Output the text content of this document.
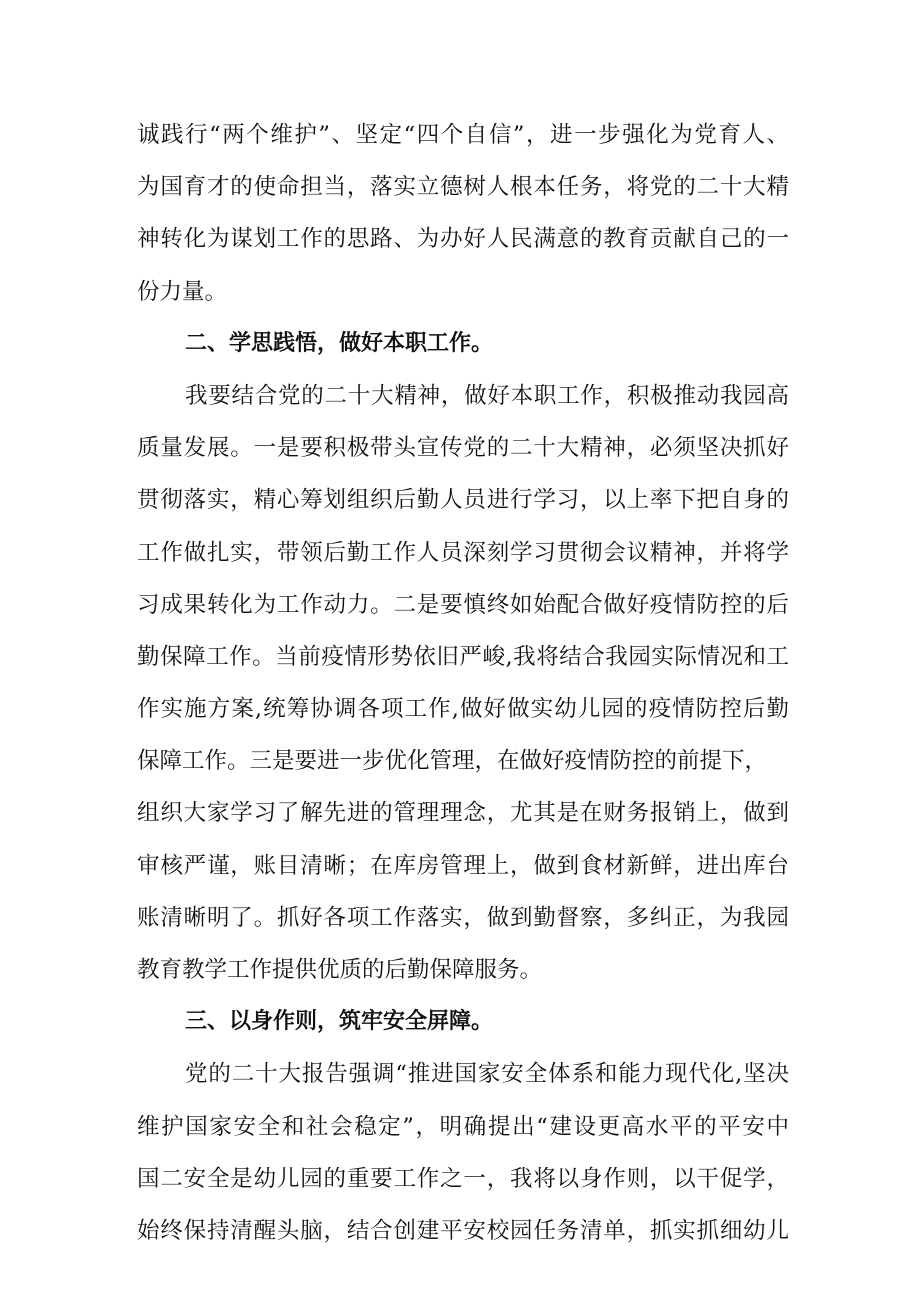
诚践行“两个维护”、坚定“四个自信”，进一步强化为党育人、
为国育才的使命担当，落实立德树人根本任务，将党的二十大精
神转化为谋划工作的思路、为办好人民满意的教育贡献自己的一
份力量。
二、学思践悟，做好本职工作。
我要结合党的二十大精神，做好本职工作，积极推动我园高
质量发展。一是要积极带头宣传党的二十大精神，必须坚决抓好
贯彻落实，精心筹划组织后勤人员进行学习，以上率下把自身的
工作做扎实，带领后勤工作人员深刻学习贯彻会议精神，并将学
习成果转化为工作动力。二是要慎终如始配合做好疫情防控的后
勤保障工作。当前疫情形势依旧严峻,我将结合我园实际情况和工
作实施方案,统筹协调各项工作,做好做实幼儿园的疫情防控后勤
保障工作。三是要进一步优化管理，在做好疫情防控的前提下，
组织大家学习了解先进的管理理念，尤其是在财务报销上，做到
审核严谨，账目清晰；在库房管理上，做到食材新鲜，进出库台
账清晰明了。抓好各项工作落实，做到勤督察，多纠正，为我园
教育教学工作提供优质的后勤保障服务。
三、以身作则，筑牢安全屏障。
党的二十大报告强调“推进国家安全体系和能力现代化,坚决
维护国家安全和社会稳定”，明确提出“建设更高水平的平安中
国二安全是幼儿园的重要工作之一，我将以身作则，以干促学，
始终保持清醒头脑，结合创建平安校园任务清单，抓实抓细幼儿
